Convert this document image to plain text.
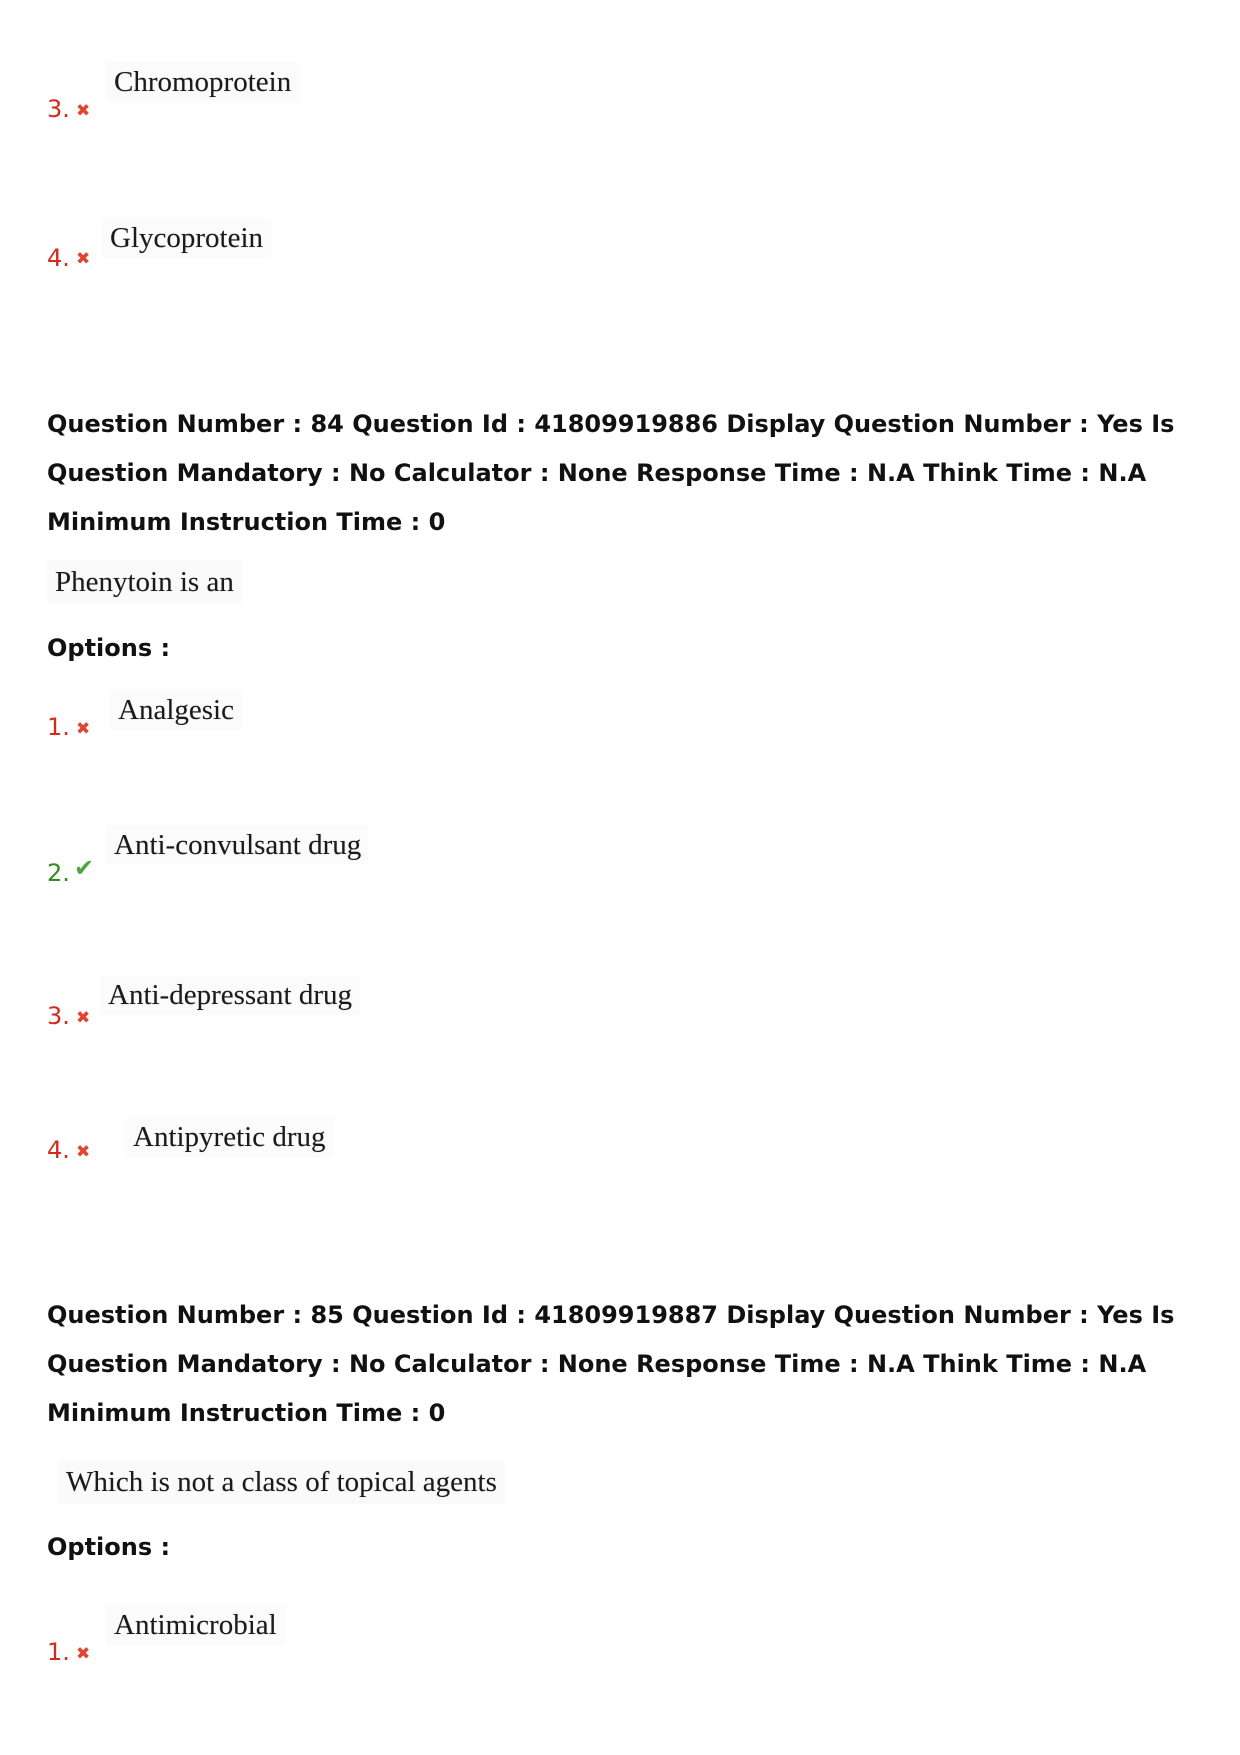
3. ✖
Chromoprotein
4. ✖
Glycoprotein
Question Number : 84 Question Id : 41809919886 Display Question Number : Yes Is Question Mandatory : No Calculator : None Response Time : N.A Think Time : N.A Minimum Instruction Time : 0
Phenytoin is an
Options :
1. ✖
Analgesic
2. ✔
Anti-convulsant drug
3. ✖
Anti-depressant drug
4. ✖ Antipyretic drug
Question Number : 85 Question Id : 41809919887 Display Question Number : Yes Is Question Mandatory : No Calculator : None Response Time : N.A Think Time : N.A Minimum Instruction Time : 0
Which is not a class of topical agents
Options :
1. ✖
Antimicrobial
